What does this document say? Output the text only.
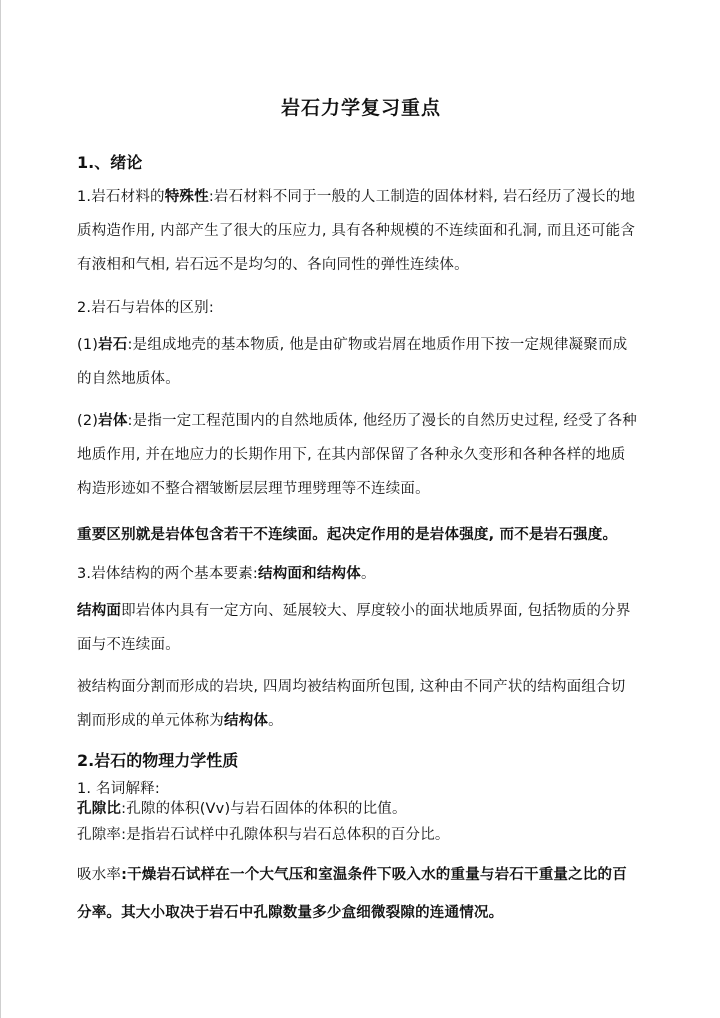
岩石力学复习重点
1.、绪论
1.岩石材料的特殊性:岩石材料不同于一般的人工制造的固体材料, 岩石经历了漫长的地质构造作用, 内部产生了很大的压应力, 具有各种规模的不连续面和孔洞, 而且还可能含有液相和气相, 岩石远不是均匀的、各向同性的弹性连续体。
2.岩石与岩体的区别:
(1)岩石:是组成地壳的基本物质, 他是由矿物或岩屑在地质作用下按一定规律凝聚而成的自然地质体。
(2)岩体:是指一定工程范围内的自然地质体, 他经历了漫长的自然历史过程, 经受了各种地质作用, 并在地应力的长期作用下, 在其内部保留了各种永久变形和各种各样的地质构造形迹如不整合褶皱断层层理节理劈理等不连续面。
重要区别就是岩体包含若干不连续面。起决定作用的是岩体强度, 而不是岩石强度。
3.岩体结构的两个基本要素:结构面和结构体。
结构面即岩体内具有一定方向、延展较大、厚度较小的面状地质界面, 包括物质的分界面与不连续面。
被结构面分割而形成的岩块, 四周均被结构面所包围, 这种由不同产状的结构面组合切割而形成的单元体称为结构体。
2.岩石的物理力学性质
1. 名词解释:
孔隙比:孔隙的体积(Vv)与岩石固体的体积的比值。
孔隙率:是指岩石试样中孔隙体积与岩石总体积的百分比。
吸水率:干燥岩石试样在一个大气压和室温条件下吸入水的重量与岩石干重量之比的百分率。其大小取决于岩石中孔隙数量多少盒细微裂隙的连通情况。
